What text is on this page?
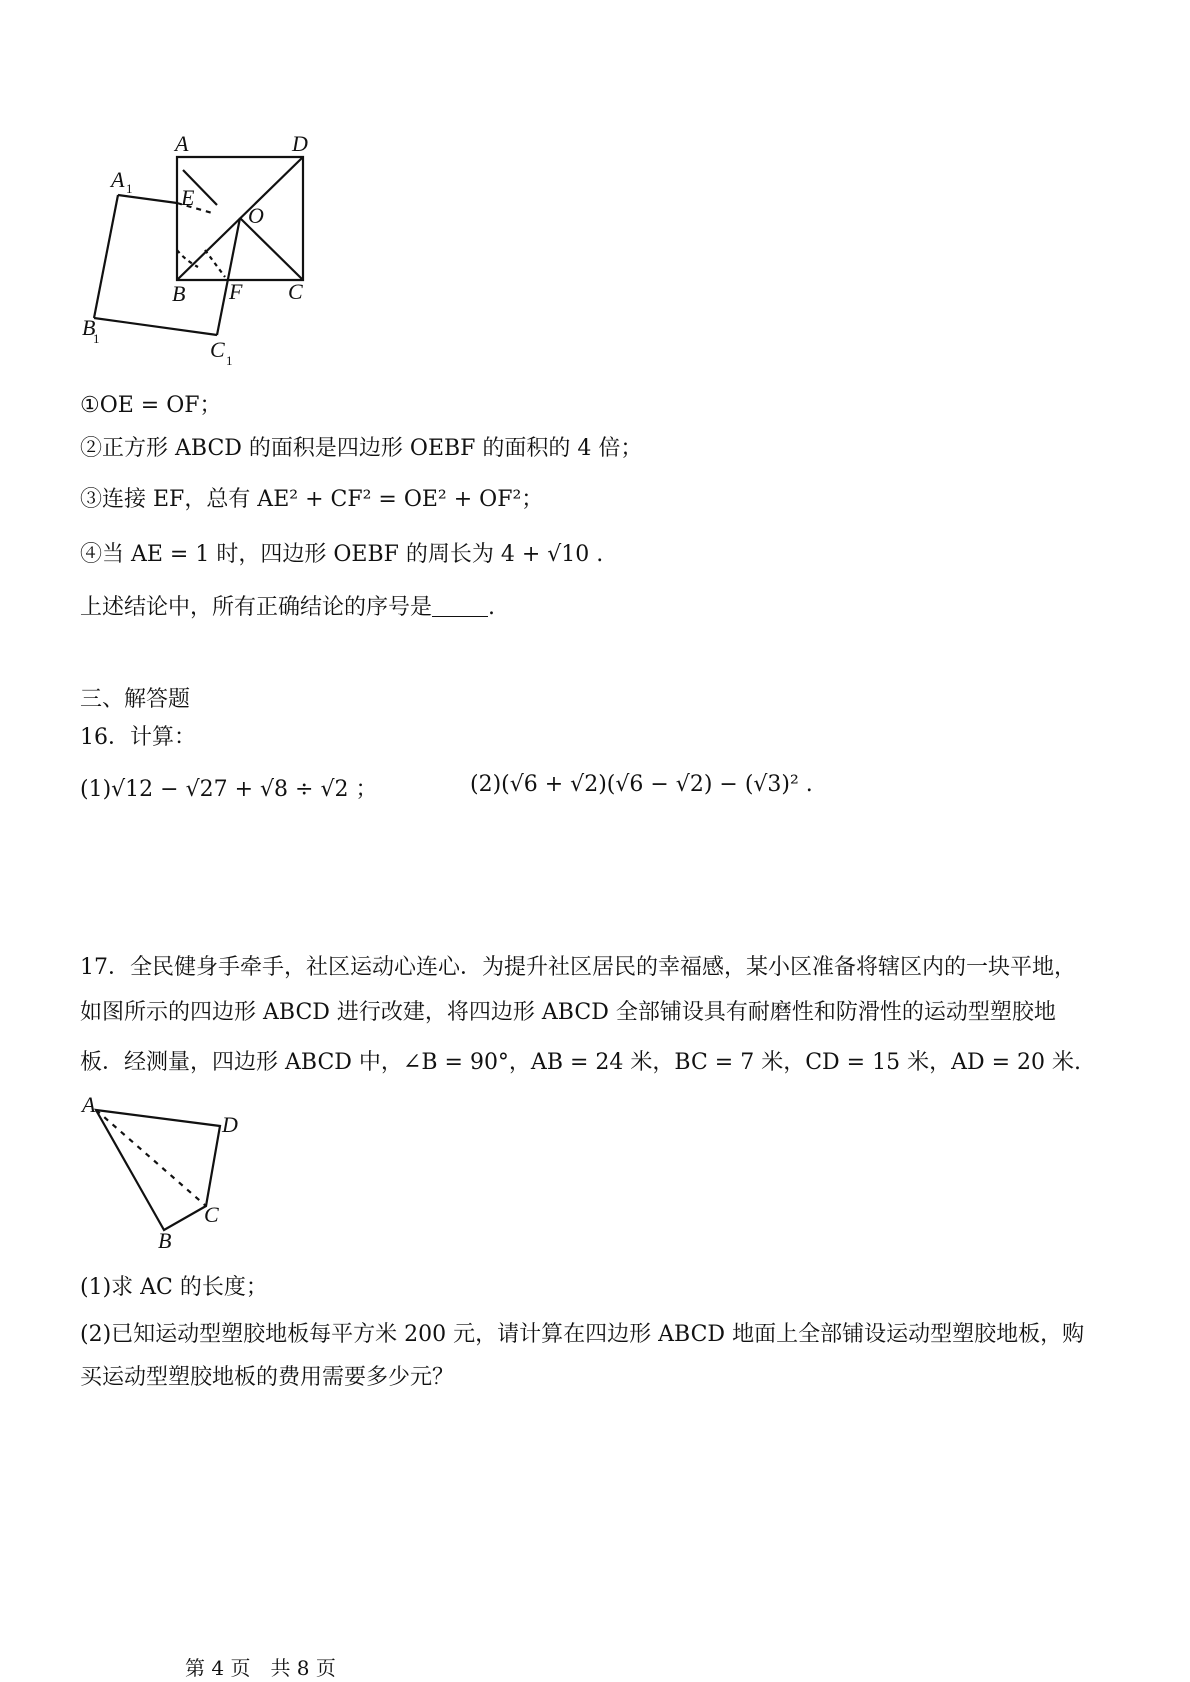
A	D
A 1 E
O
B F C
B
1	C 1
①OE = OF；
②正方形 ABCD 的面积是四边形 OEBF 的面积的 4 倍；
③连接 EF，总有 AE² + CF² = OE² + OF²；
④当 AE = 1 时，四边形 OEBF 的周长为 4 + √10 .
上述结论中，所有正确结论的序号是	.
三、解答题
16．计算：
(1)√12 − √27 + √8 ÷ √2 ；	(2)(√6 + √2)(√6 − √2) − (√3)² .
17．全民健身手牵手，社区运动心连心．为提升社区居民的幸福感，某小区准备将辖区内的一块平地，
如图所示的四边形 ABCD 进行改建，将四边形 ABCD 全部铺设具有耐磨性和防滑性的运动型塑胶地
板．经测量，四边形 ABCD 中，∠B = 90°，AB = 24 米，BC = 7 米，CD = 15 米，AD = 20 米.
A
D
C
B
(1)求 AC 的长度；
(2)已知运动型塑胶地板每平方米 200 元，请计算在四边形 ABCD 地面上全部铺设运动型塑胶地板，购
买运动型塑胶地板的费用需要多少元？
第 4 页　共 8 页
